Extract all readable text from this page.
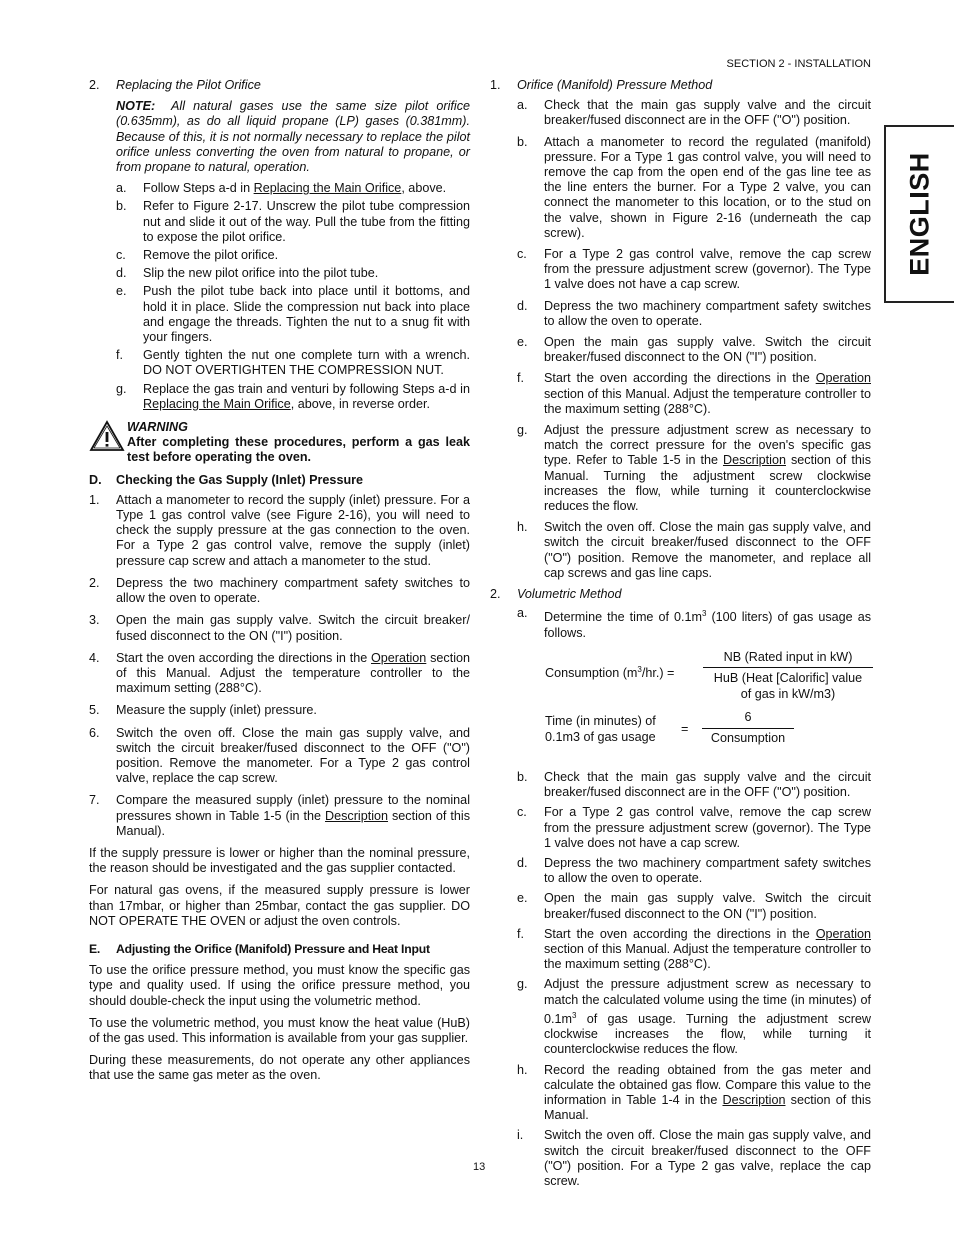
SECTION 2 - INSTALLATION
ENGLISH
2.	Replacing the Pilot Orifice

NOTE: All natural gases use the same size pilot orifice (0.635mm), as do all liquid propane (LP) gases (0.381mm). Because of this, it is not normally necessary to replace the pilot orifice unless converting the oven from natural to propane, or from propane to natural, operation.

a.	Follow Steps a-d in Replacing the Main Orifice, above.
b.	Refer to Figure 2-17. Unscrew the pilot tube compression nut and slide it out of the way. Pull the tube from the fitting to expose the pilot orifice.
c.	Remove the pilot orifice.
d.	Slip the new pilot orifice into the pilot tube.
e.	Push the pilot tube back into place until it bottoms, and hold it in place. Slide the compression nut back into place and engage the threads. Tighten the nut to a snug fit with your fingers.
f.	Gently tighten the nut one complete turn with a wrench. DO NOT OVERTIGHTEN THE COMPRESSION NUT.
g.	Replace the gas train and venturi by following Steps a-d in Replacing the Main Orifice, above, in reverse order.
WARNING
After completing these procedures, perform a gas leak test before operating the oven.
D.	Checking the Gas Supply (Inlet) Pressure
1.	Attach a manometer to record the supply (inlet) pressure. For a Type 1 gas control valve (see Figure 2-16), you will need to check the supply pressure at the gas connection to the oven. For a Type 2 gas control valve, remove the supply (inlet) pressure cap screw and attach a manometer to the stud.
2.	Depress the two machinery compartment safety switches to allow the oven to operate.
3.	Open the main gas supply valve. Switch the circuit breaker/ fused disconnect to the ON ("I") position.
4.	Start the oven according the directions in the Operation section of this Manual. Adjust the temperature controller to the maximum setting (288°C).
5.	Measure the supply (inlet) pressure.
6.	Switch the oven off. Close the main gas supply valve, and switch the circuit breaker/fused disconnect to the OFF ("O") position. Remove the manometer. For a Type 2 gas control valve, replace the cap screw.
7.	Compare the measured supply (inlet) pressure to the nominal pressures shown in Table 1-5 (in the Description section of this Manual).

If the supply pressure is lower or higher than the nominal pressure, the reason should be investigated and the gas supplier contacted.

For natural gas ovens, if the measured supply pressure is lower than 17mbar, or higher than 25mbar, contact the gas supplier. DO NOT OPERATE THE OVEN or adjust the oven controls.

E.	Adjusting the Orifice (Manifold) Pressure and Heat Input

To use the orifice pressure method, you must know the specific gas type and quality used. If using the orifice pressure method, you should double-check the input using the volumetric method.

To use the volumetric method, you must know the heat value (HuB) of the gas used. This information is available from your gas supplier.

During these measurements, do not operate any other appliances that use the same gas meter as the oven.

1.	Orifice (Manifold) Pressure Method
a.	Check that the main gas supply valve and the circuit breaker/fused disconnect are in the OFF ("O") position.
b.	Attach a manometer to record the regulated (manifold) pressure. For a Type 1 gas control valve, you will need to remove the cap from the open end of the gas line tee as the line enters the burner. For a Type 2 valve, you can connect the manometer to this location, or to the stud on the valve, shown in Figure 2-16 (underneath the cap screw).
c.	For a Type 2 gas control valve, remove the cap screw from the pressure adjustment screw (governor). The Type 1 valve does not have a cap screw.
d.	Depress the two machinery compartment safety switches to allow the oven to operate.
e.	Open the main gas supply valve. Switch the circuit breaker/fused disconnect to the ON ("I") position.
f.	Start the oven according the directions in the Operation section of this Manual. Adjust the temperature controller to the maximum setting (288°C).
g.	Adjust the pressure adjustment screw as necessary to match the correct pressure for the oven's specific gas type. Refer to Table 1-5 in the Description section of this Manual. Turning the adjustment screw clockwise increases the flow, while turning it counterclockwise reduces the flow.
h.	Switch the oven off. Close the main gas supply valve, and switch the circuit breaker/fused disconnect to the OFF ("O") position. Remove the manometer, and replace all cap screws and gas line caps.
2.	Volumetric Method
a.	Determine the time of $0.1m^3$ (100 liters) of gas usage as follows.
Consumption $(m^3/hr.)$ =
NB (Rated input in kW)
HuB (Heat [Calorific] value
of gas in kW/m3)
Time (in minutes) of
0.1m3 of gas usage
=
6
Consumption
b.	Check that the main gas supply valve and the circuit breaker/fused disconnect are in the OFF ("O") position.
c.	For a Type 2 gas control valve, remove the cap screw from the pressure adjustment screw (governor). The Type 1 valve does not have a cap screw.
d.	Depress the two machinery compartment safety switches to allow the oven to operate.
e.	Open the main gas supply valve. Switch the circuit breaker/fused disconnect to the ON ("I") position.
f.	Start the oven according the directions in the Operation section of this Manual. Adjust the temperature controller to the maximum setting (288°C).
g.	Adjust the pressure adjustment screw as necessary to match the calculated volume using the time (in minutes) of $0.1m^3$ of gas usage. Turning the adjustment screw clockwise increases the flow, while turning it counterclockwise reduces the flow.
h.	Record the reading obtained from the gas meter and calculate the obtained gas flow. Compare this value to the information in Table 1-4 in the Description section of this Manual.
i.	Switch the oven off. Close the main gas supply valve, and switch the circuit breaker/fused disconnect to the OFF ("O") position. For a Type 2 gas valve, replace the cap screw.
13
